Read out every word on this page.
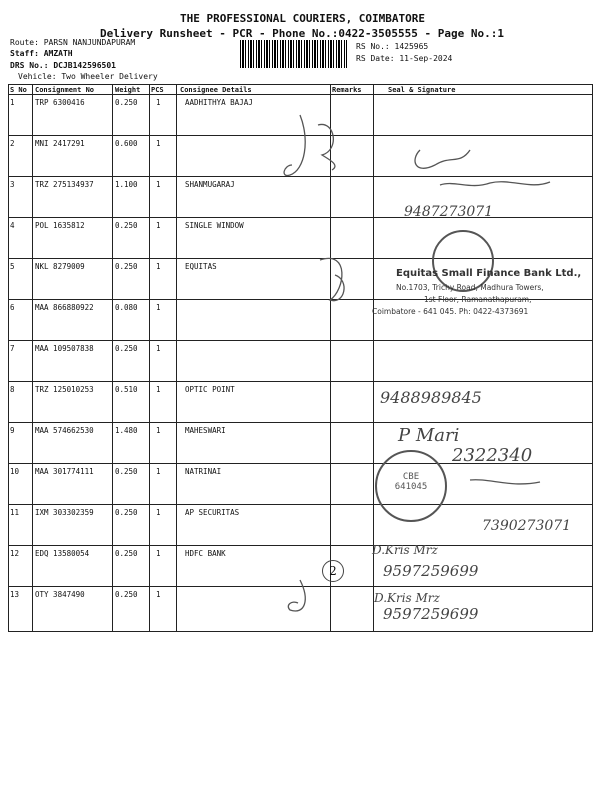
THE PROFESSIONAL COURIERS, COIMBATORE
Delivery Runsheet - PCR - Phone No.:0422-3505555 - Page No.:1
Route: PARSN NANJUNDAPURAM
Staff: AMZATH
DRS No.: DCJB142596501
Vehicle: Two Wheeler Delivery
RS No.: 1425965
RS Date: 11-Sep-2024
S No Consignment No	Weight PCS Consignee Details	Remarks	Seal & Signature
1	TRP 6300416	0.250 1	AADHITHYA BAJAJ
2	MNI 2417291	0.600 1
3	TRZ 275134937	1.100 1	SHANMUGARAJ
4	POL 1635812	0.250 1	SINGLE WINDOW
5	NKL 8279009	0.250 1	EQUITAS
6	MAA 866880922	0.080 1
7	MAA 109507838	0.250 1
8	TRZ 125010253	0.510 1	OPTIC POINT
9	MAA 574662530	1.480 1	MAHESWARI
10 MAA 301774111	0.250 1	NATRINAI
11 IXM 303302359	0.250 1	AP SECURITAS
12 EDQ 13580054	0.250 1	HDFC BANK
13 OTY 3847490	0.250 1
9487273071
Equitas Small Finance Bank Ltd.,
No.1703, Trichy Road, Madhura Towers,
1st Floor, Ramanathapuram,
Coimbatore - 641 045. Ph: 0422-4373691
9488989845
P Mari
2322340
CBE
641045
7390273071
D.Kris Mrz
9597259699
D.Kris Mrz
9597259699
2
